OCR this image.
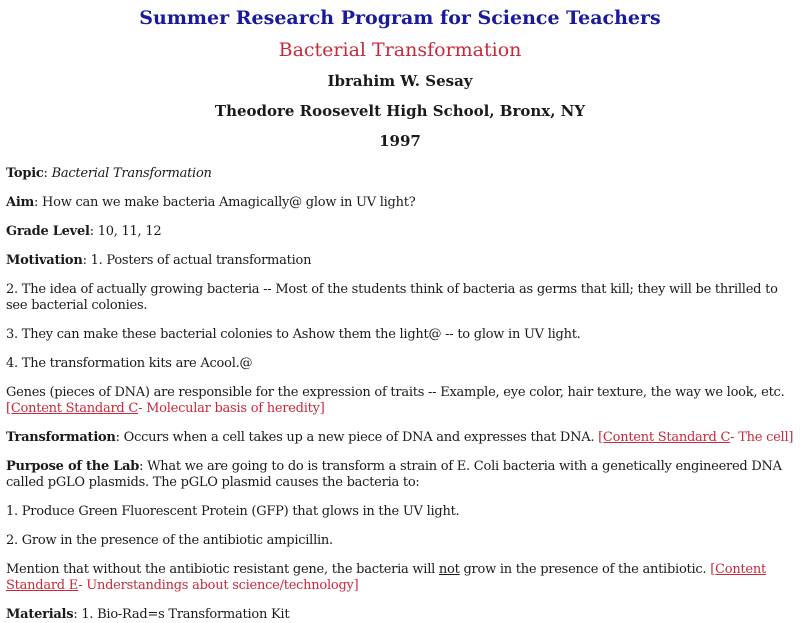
Summer Research Program for Science Teachers
Bacterial Transformation
Ibrahim W. Sesay
Theodore Roosevelt High School, Bronx, NY
1997

Topic: Bacterial Transformation

Aim: How can we make bacteria Amagically@ glow in UV light?

Grade Level: 10, 11, 12

Motivation: 1. Posters of actual transformation

2. The idea of actually growing bacteria -- Most of the students think of bacteria as germs that kill; they will be thrilled to see bacterial colonies.

3. They can make these bacterial colonies to Ashow them the light@ -- to glow in UV light.

4. The transformation kits are Acool.@

Genes (pieces of DNA) are responsible for the expression of traits -- Example, eye color, hair texture, the way we look, etc. [Content Standard C- Molecular basis of heredity]

Transformation: Occurs when a cell takes up a new piece of DNA and expresses that DNA. [Content Standard C- The cell]

Purpose of the Lab: What we are going to do is transform a strain of E. Coli bacteria with a genetically engineered DNA called pGLO plasmids. The pGLO plasmid causes the bacteria to:

1. Produce Green Fluorescent Protein (GFP) that glows in the UV light.

2. Grow in the presence of the antibiotic ampicillin.

Mention that without the antibiotic resistant gene, the bacteria will not grow in the presence of the antibiotic. [Content Standard E- Understandings about science/technology]

Materials: 1. Bio-Rad=s Transformation Kit
